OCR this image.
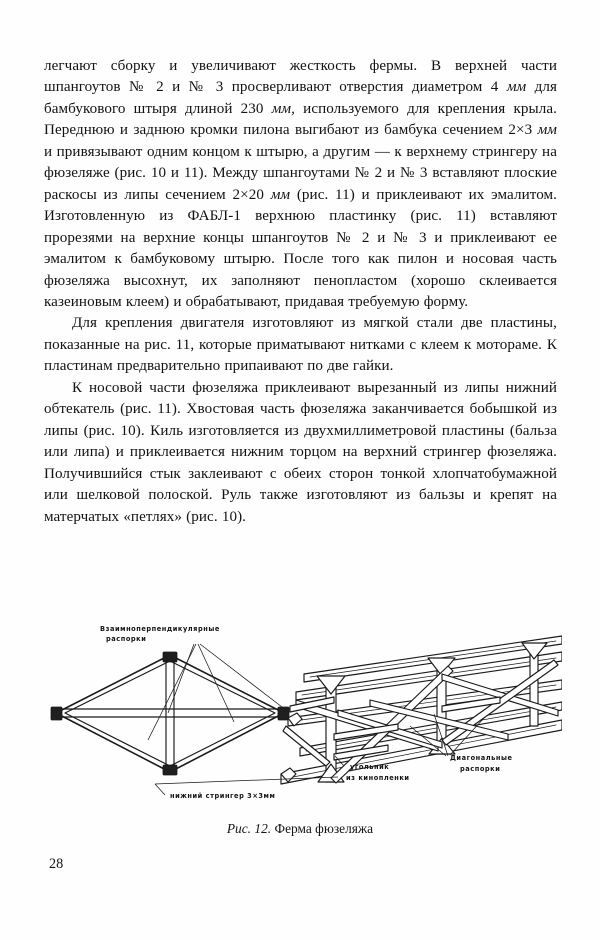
легчают сборку и увеличивают жесткость фермы. В верхней части шпангоутов № 2 и № 3 просверливают отверстия диаметром 4 мм для бамбукового штыря длиной 230 мм, используемого для крепления крыла. Переднюю и заднюю кромки пилона выгибают из бамбука сечением 2×3 мм и привязывают одним концом к штырю, а другим — к верхнему стрингеру на фюзеляже (рис. 10 и 11). Между шпангоутами № 2 и № 3 вставляют плоские раскосы из липы сечением 2×20 мм (рис. 11) и приклеивают их эмалитом. Изготовленную из ФАБЛ-1 верхнюю пластинку (рис. 11) вставляют прорезями на верхние концы шпангоутов № 2 и № 3 и приклеивают ее эмалитом к бамбуковому штырю. После того как пилон и носовая часть фюзеляжа высохнут, их заполняют пенопластом (хорошо склеивается казеиновым клеем) и обрабатывают, придавая требуемую форму.

Для крепления двигателя изготовляют из мягкой стали две пластины, показанные на рис. 11, которые приматывают нитками с клеем к мотораме. К пластинам предварительно припаивают по две гайки.

К носовой части фюзеляжа приклеивают вырезанный из липы нижний обтекатель (рис. 11). Хвостовая часть фюзеляжа заканчивается бобышкой из липы (рис. 10). Киль изготовляется из двухмиллиметровой пластины (бальза или липа) и приклеивается нижним торцом на верхний стрингер фюзеляжа. Получившийся стык заклеивают с обеих сторон тонкой хлопчатобумажной или шелковой полоской. Руль также изготовляют из бальзы и крепят на матерчатых «петлях» (рис. 10).

Взаимноперпендикулярные
распорки
угольник
из кинопленки
Диагональные
распорки
нижний стрингер 3×3мм
Рис. 12. Ферма фюзеляжа
28
